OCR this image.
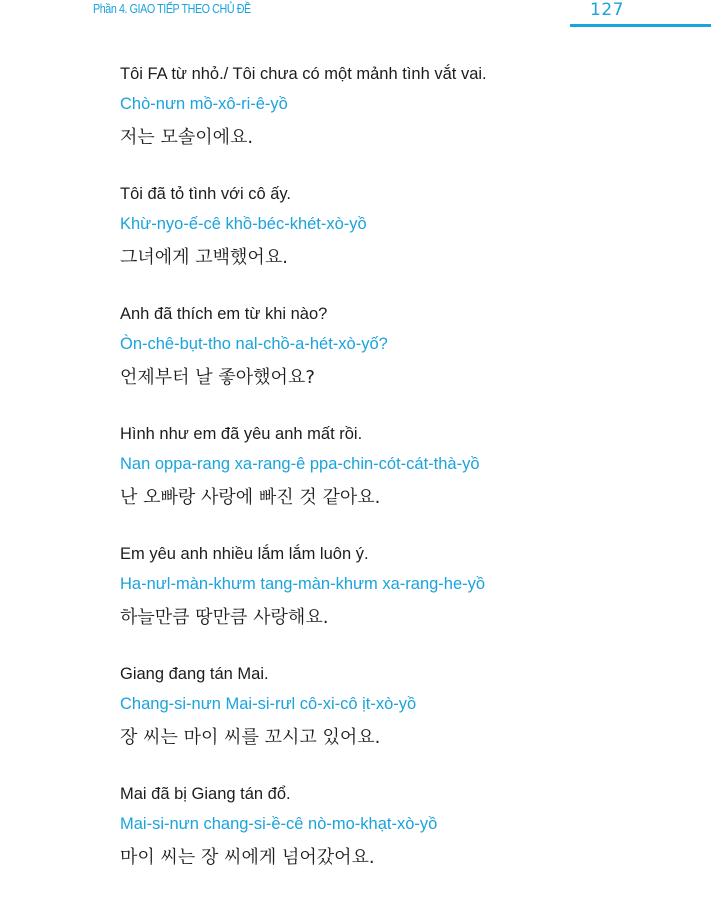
Phần 4. GIAO TIẾP THEO CHỦ ĐỀ	127
Tôi FA từ nhỏ./ Tôi chưa có một mảnh tình vắt vai.
Chò-nưn mồ-xô-ri-ê-yồ
저는 모솔이에요.
Tôi đã tỏ tình với cô ấy.
Khừ-nyo-ế-cê khồ-béc-khét-xò-yồ
그녀에게 고백했어요.
Anh đã thích em từ khi nào?
Òn-chê-bụt-tho nal-chồ-a-hét-xò-yố?
언제부터 날 좋아했어요?
Hình như em đã yêu anh mất rồi.
Nan oppa-rang xa-rang-ê ppa-chin-cót-cát-thà-yồ
난 오빠랑 사랑에 빠진 것 같아요.
Em yêu anh nhiều lắm lắm luôn ý.
Ha-nưl-màn-khưm tang-màn-khưm xa-rang-he-yồ
하늘만큼 땅만큼 사랑해요.
Giang đang tán Mai.
Chang-si-nưn Mai-si-rưl cô-xi-cô ịt-xò-yồ
장 씨는 마이 씨를 꼬시고 있어요.
Mai đã bị Giang tán đổ.
Mai-si-nưn chang-si-ề-cê nò-mo-khạt-xò-yồ
마이 씨는 장 씨에게 넘어갔어요.
